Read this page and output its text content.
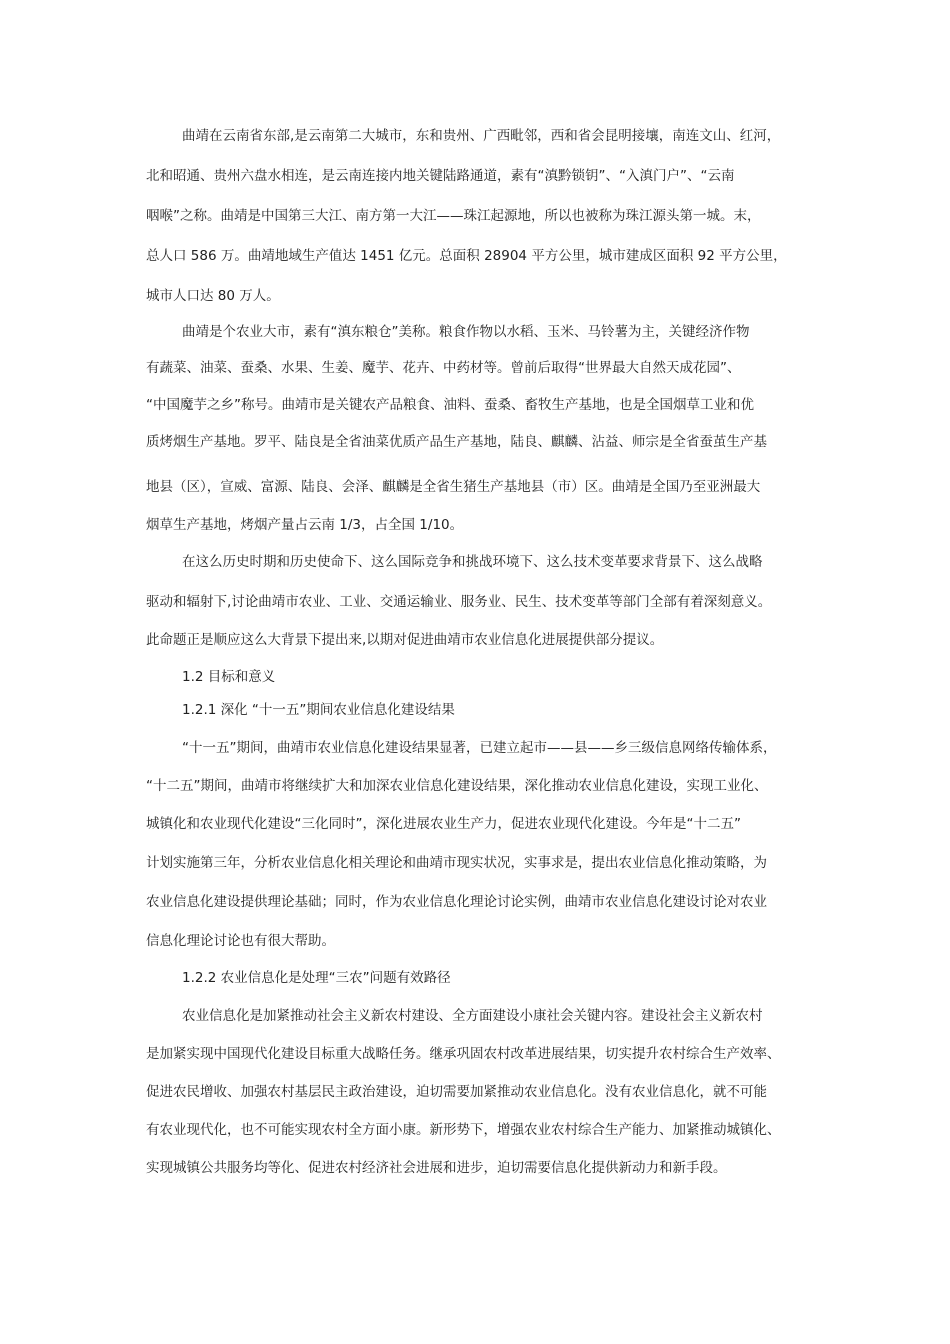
曲靖在云南省东部,是云南第二大城市，东和贵州、广西毗邻，西和省会昆明接壤，南连文山、红河，
北和昭通、贵州六盘水相连，是云南连接内地关键陆路通道，素有“滇黔锁钥”、“入滇门户”、“云南
咽喉”之称。曲靖是中国第三大江、南方第一大江——珠江起源地，所以也被称为珠江源头第一城。末，
总人口 586 万。曲靖地域生产值达 1451 亿元。总面积 28904 平方公里，城市建成区面积 92 平方公里，
城市人口达 80 万人。
曲靖是个农业大市，素有“滇东粮仓”美称。粮食作物以水稻、玉米、马铃薯为主，关键经济作物
有蔬菜、油菜、蚕桑、水果、生姜、魔芋、花卉、中药材等。曾前后取得“世界最大自然天成花园”、
“中国魔芋之乡”称号。曲靖市是关键农产品粮食、油料、蚕桑、畜牧生产基地，也是全国烟草工业和优
质烤烟生产基地。罗平、陆良是全省油菜优质产品生产基地，陆良、麒麟、沾益、师宗是全省蚕茧生产基
地县（区），宣威、富源、陆良、会泽、麒麟是全省生猪生产基地县（市）区。曲靖是全国乃至亚洲最大
烟草生产基地，烤烟产量占云南 1/3，占全国 1/10。
在这么历史时期和历史使命下、这么国际竞争和挑战环境下、这么技术变革要求背景下、这么战略
驱动和辐射下,讨论曲靖市农业、工业、交通运输业、服务业、民生、技术变革等部门全部有着深刻意义。
此命题正是顺应这么大背景下提出来,以期对促进曲靖市农业信息化进展提供部分提议。
1.2 目标和意义
1.2.1 深化 “十一五”期间农业信息化建设结果
“十一五”期间，曲靖市农业信息化建设结果显著，已建立起市——县——乡三级信息网络传输体系，
“十二五”期间，曲靖市将继续扩大和加深农业信息化建设结果，深化推动农业信息化建设，实现工业化、
城镇化和农业现代化建设“三化同时”，深化进展农业生产力，促进农业现代化建设。今年是“十二五”
计划实施第三年，分析农业信息化相关理论和曲靖市现实状况，实事求是，提出农业信息化推动策略，为
农业信息化建设提供理论基础；同时，作为农业信息化理论讨论实例，曲靖市农业信息化建设讨论对农业
信息化理论讨论也有很大帮助。
1.2.2 农业信息化是处理“三农”问题有效路径
农业信息化是加紧推动社会主义新农村建设、全方面建设小康社会关键内容。建设社会主义新农村
是加紧实现中国现代化建设目标重大战略任务。继承巩固农村改革进展结果，切实提升农村综合生产效率、
促进农民增收、加强农村基层民主政治建设，迫切需要加紧推动农业信息化。没有农业信息化，就不可能
有农业现代化，也不可能实现农村全方面小康。新形势下，增强农业农村综合生产能力、加紧推动城镇化、
实现城镇公共服务均等化、促进农村经济社会进展和进步，迫切需要信息化提供新动力和新手段。
